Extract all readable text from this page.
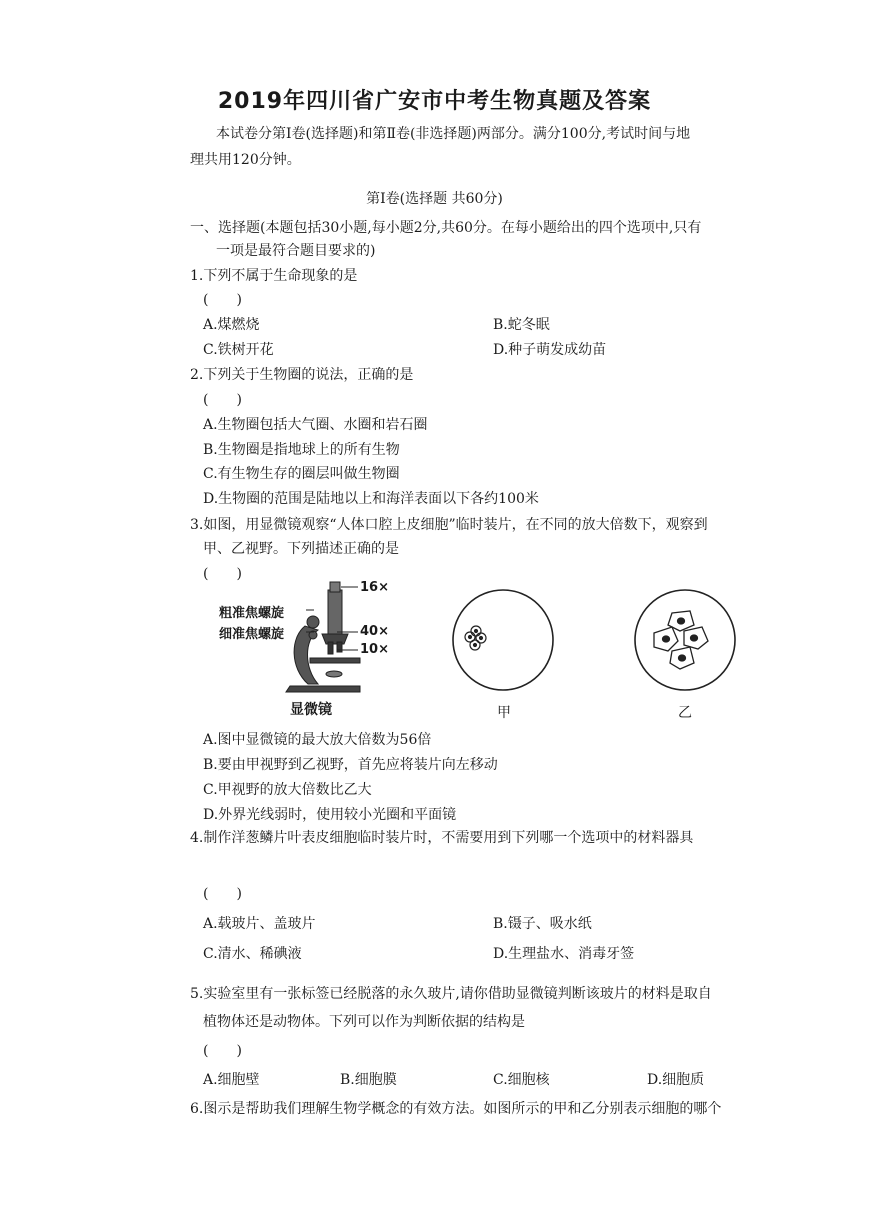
2019年四川省广安市中考生物真题及答案
本试卷分第Ⅰ卷(选择题)和第Ⅱ卷(非选择题)两部分。满分100分,考试时间与地
理共用120分钟。
第Ⅰ卷(选择题 共60分)
一、选择题(本题包括30小题,每小题2分,共60分。在每小题给出的四个选项中,只有
一项是最符合题目要求的)
1.下列不属于生命现象的是
(　　)
A.煤燃烧	B.蛇冬眠
C.铁树开花	D.种子萌发成幼苗
2.下列关于生物圈的说法，正确的是
(　　)
A.生物圈包括大气圈、水圈和岩石圈
B.生物圈是指地球上的所有生物
C.有生物生存的圈层叫做生物圈
D.生物圈的范围是陆地以上和海洋表面以下各约100米
3.如图，用显微镜观察“人体口腔上皮细胞”临时装片，在不同的放大倍数下，观察到
甲、乙视野。下列描述正确的是
(　　)
粗准焦螺旋
细准焦螺旋
16×
40×
10×
显微镜	甲	乙
A.图中显微镜的最大放大倍数为56倍
B.要由甲视野到乙视野，首先应将装片向左移动
C.甲视野的放大倍数比乙大
D.外界光线弱时，使用较小光圈和平面镜
4.制作洋葱鳞片叶表皮细胞临时装片时，不需要用到下列哪一个选项中的材料器具
(　　)
A.载玻片、盖玻片	B.镊子、吸水纸
C.清水、稀碘液	D.生理盐水、消毒牙签
5.实验室里有一张标签已经脱落的永久玻片,请你借助显微镜判断该玻片的材料是取自
植物体还是动物体。下列可以作为判断依据的结构是
(　　)
A.细胞壁	B.细胞膜	C.细胞核	D.细胞质
6.图示是帮助我们理解生物学概念的有效方法。如图所示的甲和乙分别表示细胞的哪个
